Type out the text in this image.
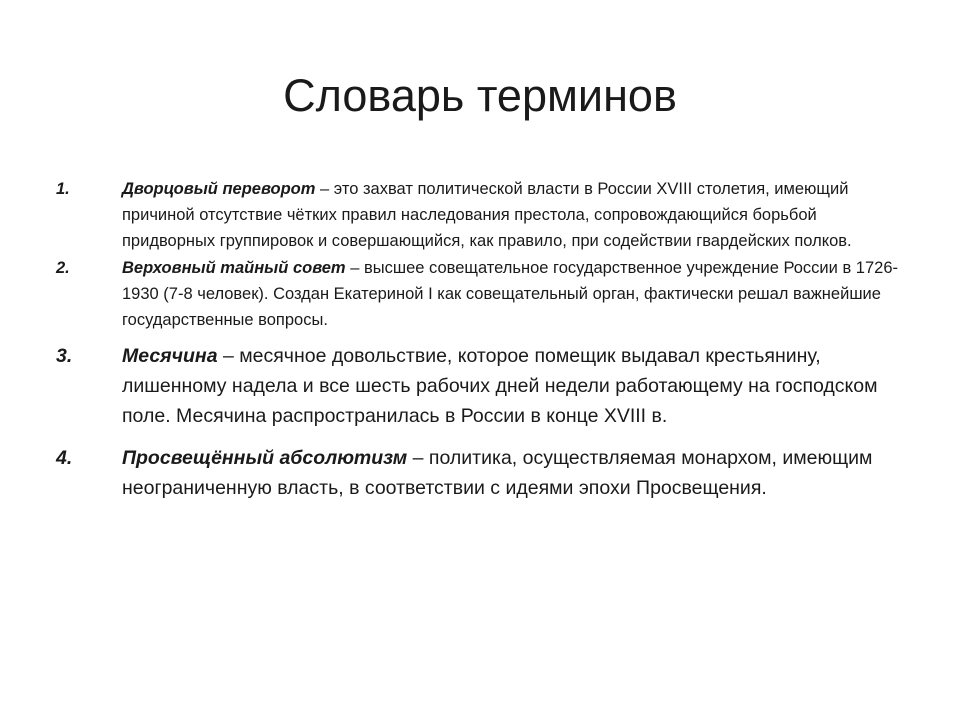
Словарь терминов
1.	Дворцовый переворот – это захват политической власти в России XVIII столетия, имеющий причиной отсутствие чётких правил наследования престола, сопровождающийся борьбой придворных группировок и совершающийся, как правило, при содействии гвардейских полков.
2.	Верховный тайный совет – высшее совещательное государственное учреждение России в 1726-1930 (7-8 человек). Создан Екатериной I как совещательный орган, фактически решал важнейшие государственные вопросы.
3.	Месячина – месячное довольствие, которое помещик выдавал крестьянину, лишенному надела и все шесть рабочих дней недели работающему на господском поле. Месячина распространилась в России в конце XVIII в.
4.	Просвещённый абсолютизм – политика, осуществляемая монархом, имеющим неограниченную власть, в соответствии с идеями эпохи Просвещения.
